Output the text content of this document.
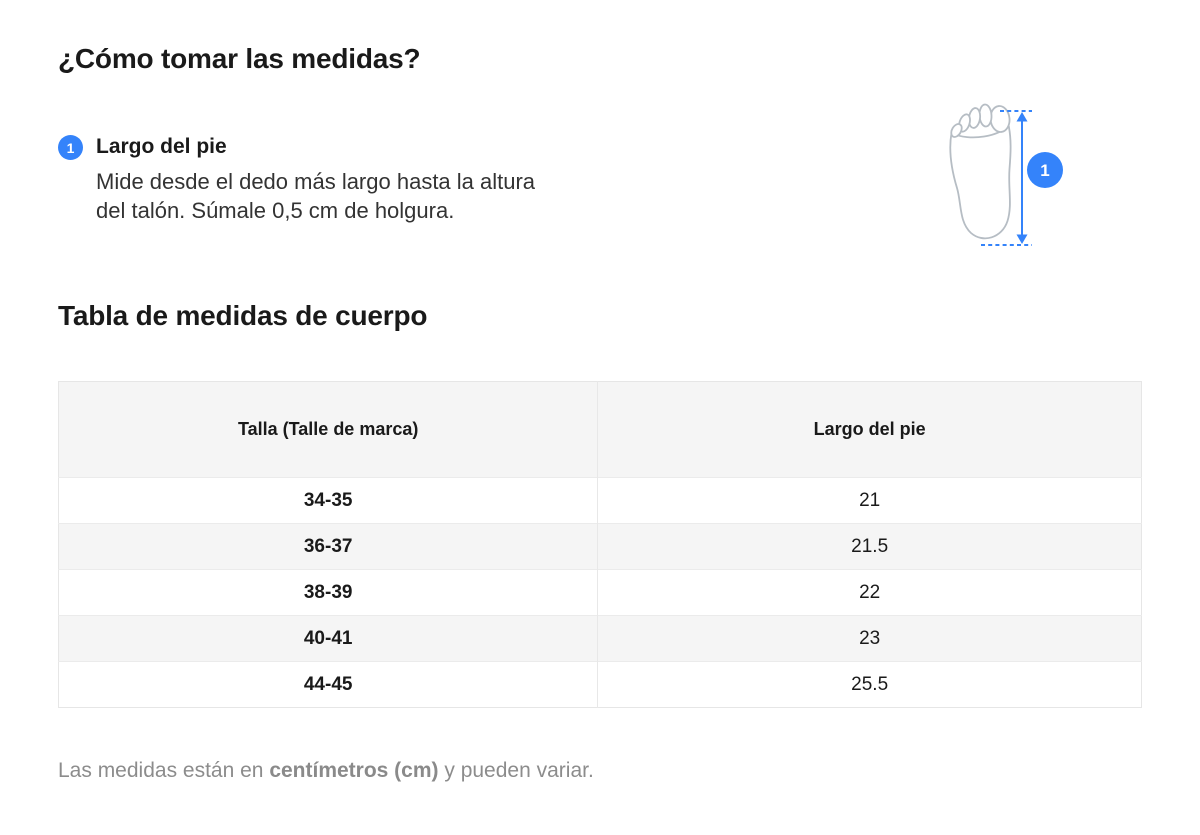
¿Cómo tomar las medidas?
1	Largo del pie
Mide desde el dedo más largo hasta la altura del talón. Súmale 0,5 cm de holgura.
1
Tabla de medidas de cuerpo
Talla (Talle de marca)	Largo del pie
34-35	21
36-37	21.5
38-39	22
40-41	23
44-45	25.5

Las medidas están en centímetros (cm) y pueden variar.
